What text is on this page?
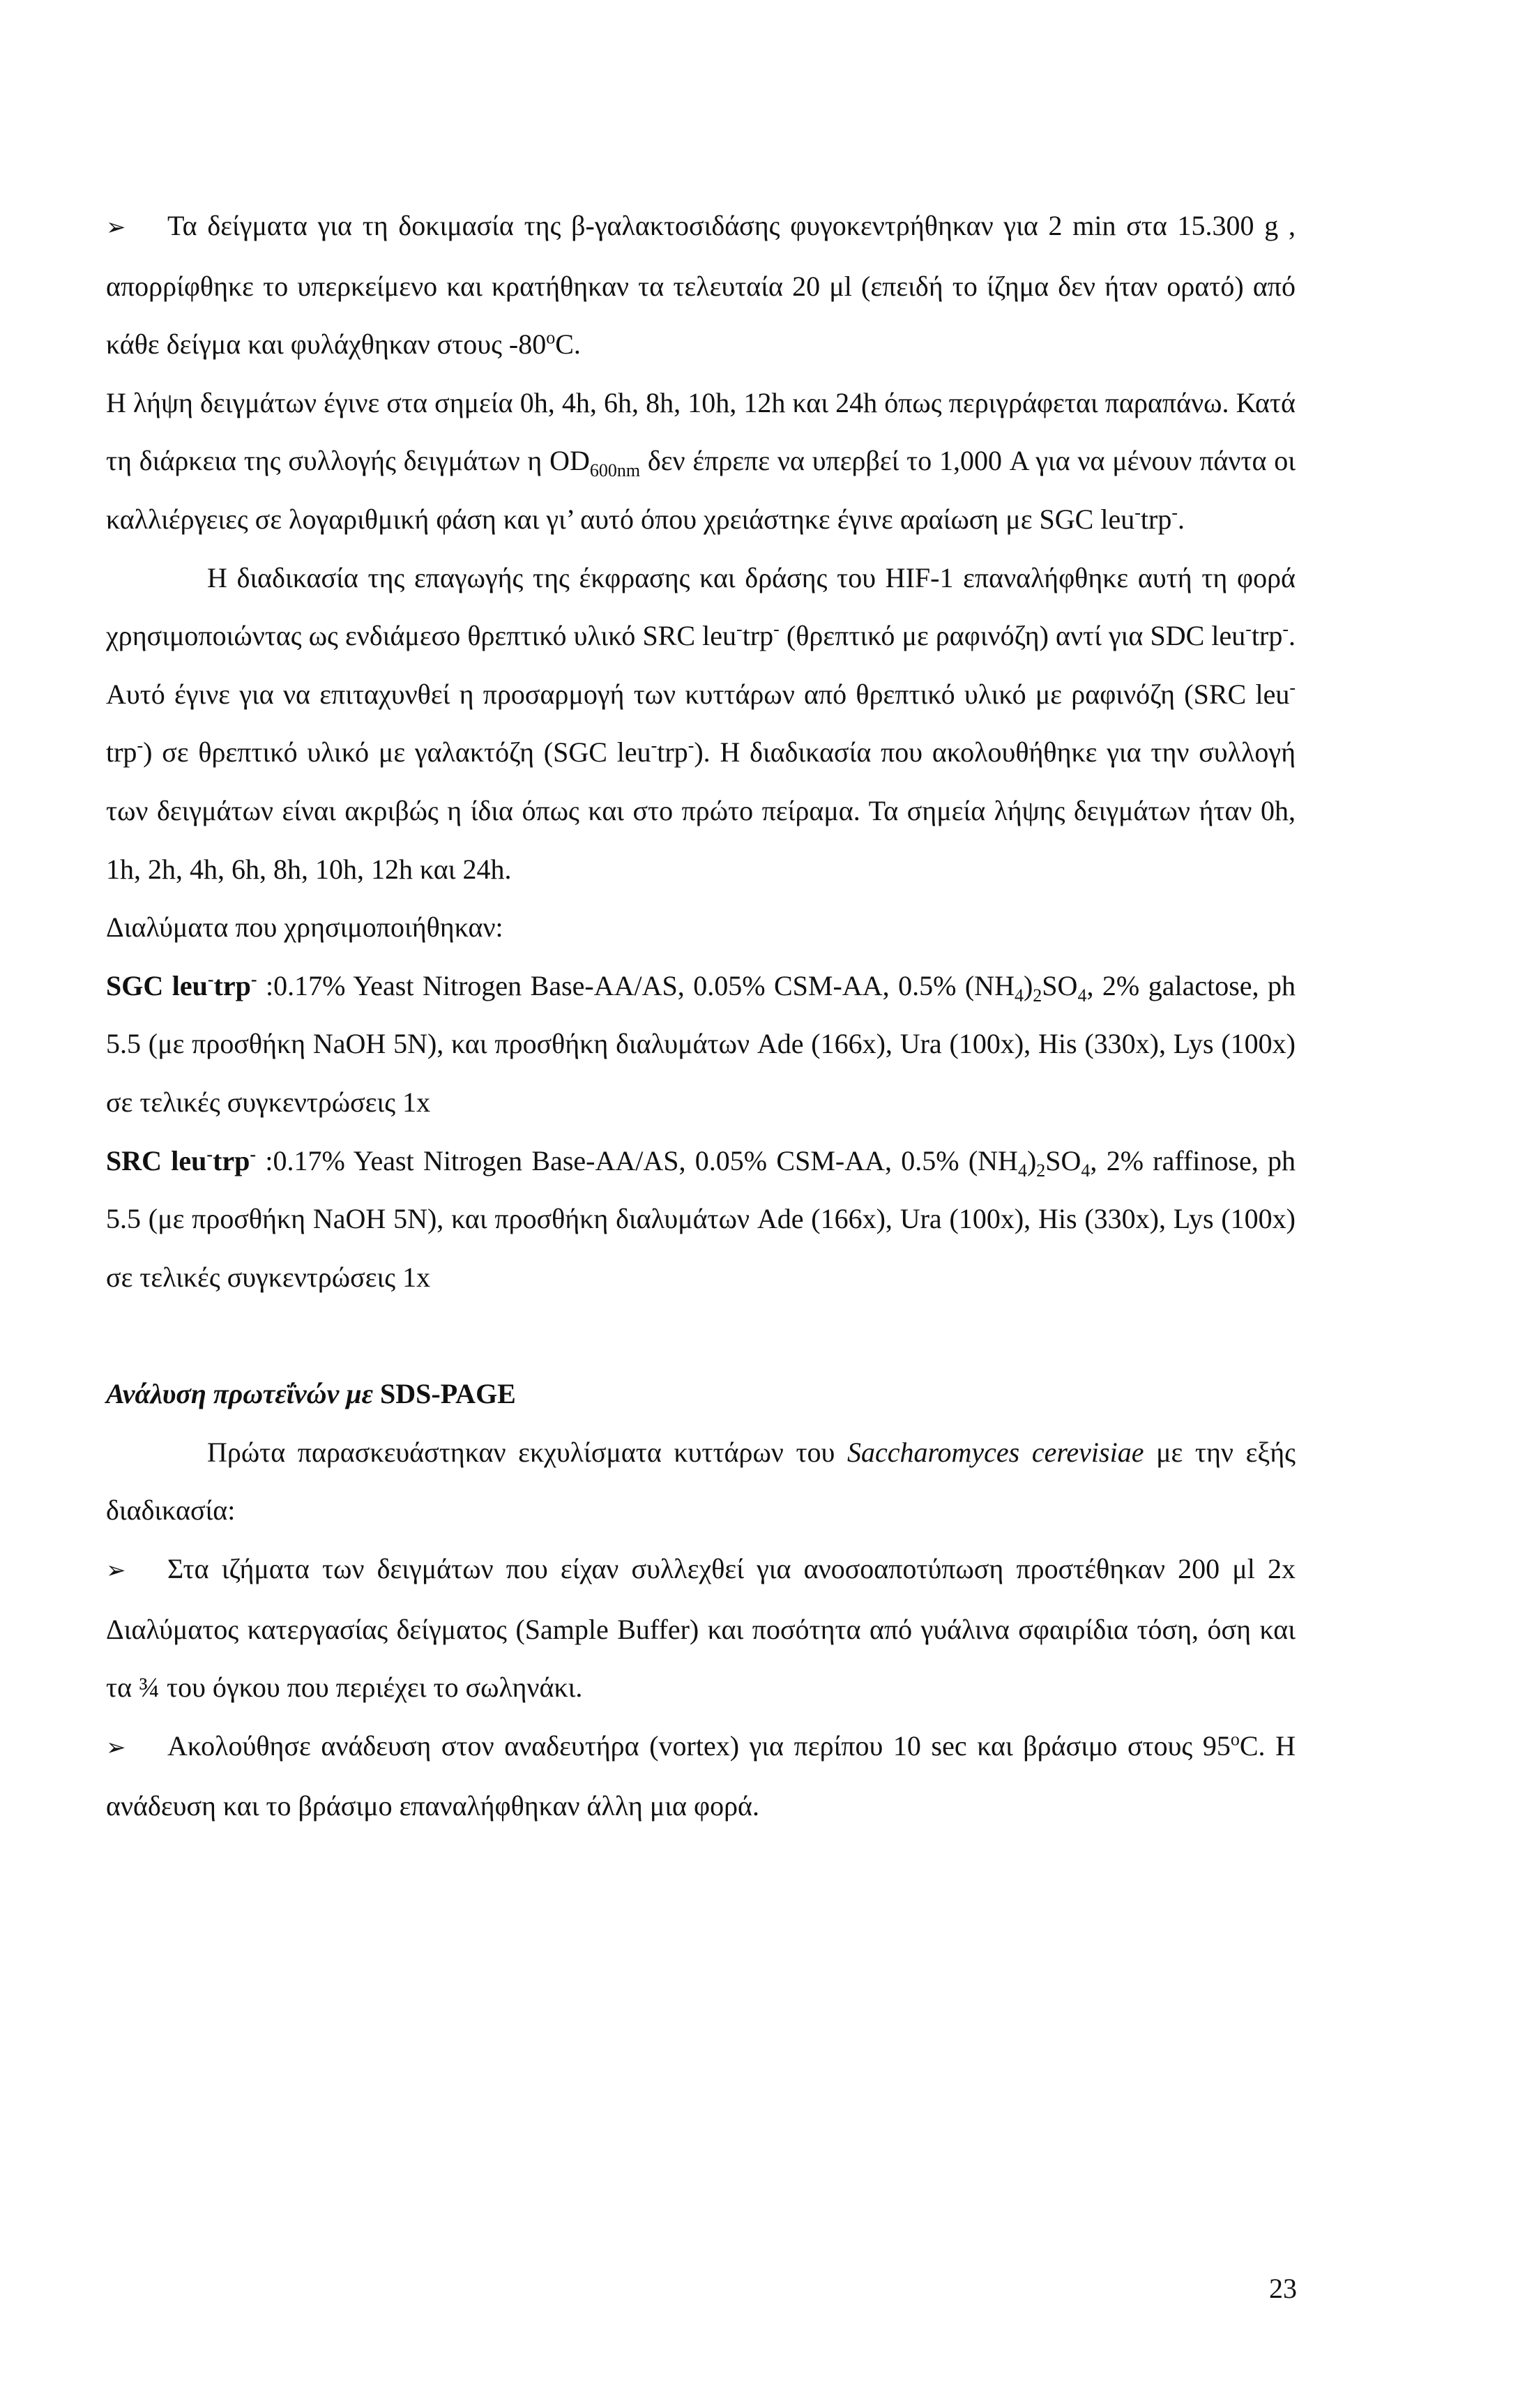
➢ Τα δείγματα για τη δοκιμασία της β-γαλακτοσιδάσης φυγοκεντρήθηκαν για 2 min στα 15.300 g , απορρίφθηκε το υπερκείμενο και κρατήθηκαν τα τελευταία 20 μl (επειδή το ίζημα δεν ήταν ορατό) από κάθε δείγμα και φυλάχθηκαν στους -80$^o$C.

Η λήψη δειγμάτων έγινε στα σημεία 0h, 4h, 6h, 8h, 10h, 12h και 24h όπως περιγράφεται παραπάνω. Κατά τη διάρκεια της συλλογής δειγμάτων η $OD_{600nm}$ δεν έπρεπε να υπερβεί το 1,000 A για να μένουν πάντα οι καλλιέργειες σε λογαριθμική φάση και γι’ αυτό όπου χρειάστηκε έγινε αραίωση με SGC leu-trp-.

Η διαδικασία της επαγωγής της έκφρασης και δράσης του HIF-1 επαναλήφθηκε αυτή τη φορά χρησιμοποιώντας ως ενδιάμεσο θρεπτικό υλικό SRC leu-trp- (θρεπτικό με ραφινόζη) αντί για SDC leu-trp-. Αυτό έγινε για να επιταχυνθεί η προσαρμογή των κυττάρων από θρεπτικό υλικό με ραφινόζη (SRC leu-trp-) σε θρεπτικό υλικό με γαλακτόζη (SGC leu-trp-). Η διαδικασία που ακολουθήθηκε για την συλλογή των δειγμάτων είναι ακριβώς η ίδια όπως και στο πρώτο πείραμα. Τα σημεία λήψης δειγμάτων ήταν 0h, 1h, 2h, 4h, 6h, 8h, 10h, 12h και 24h.

Διαλύματα που χρησιμοποιήθηκαν:

SGC leu-trp- :0.17% Yeast Nitrogen Base-AA/AS, 0.05% CSM-AA, 0.5% $(NH_4)_2SO_4$, 2% galactose, ph 5.5 (με προσθήκη NaOH 5N), και προσθήκη διαλυμάτων Ade (166x), Ura (100x), His (330x), Lys (100x) σε τελικές συγκεντρώσεις 1x

SRC leu-trp- :0.17% Yeast Nitrogen Base-AA/AS, 0.05% CSM-AA, 0.5% $(NH_4)_2SO_4$, 2% raffinose, ph 5.5 (με προσθήκη NaOH 5N), και προσθήκη διαλυμάτων Ade (166x), Ura (100x), His (330x), Lys (100x) σε τελικές συγκεντρώσεις 1x

Ανάλυση πρωτεΐνών με SDS-PAGE

Πρώτα παρασκευάστηκαν εκχυλίσματα κυττάρων του Saccharomyces cerevisiae με την εξής διαδικασία:

➢ Στα ιζήματα των δειγμάτων που είχαν συλλεχθεί για ανοσοαποτύπωση προστέθηκαν 200 μl 2x Διαλύματος κατεργασίας δείγματος (Sample Buffer) και ποσότητα από γυάλινα σφαιρίδια τόση, όση και τα ¾ του όγκου που περιέχει το σωληνάκι.

➢ Ακολούθησε ανάδευση στον αναδευτήρα (vortex) για περίπου 10 sec και βράσιμο στους 95$^o$C. Η ανάδευση και το βράσιμο επαναλήφθηκαν άλλη μια φορά.

23
